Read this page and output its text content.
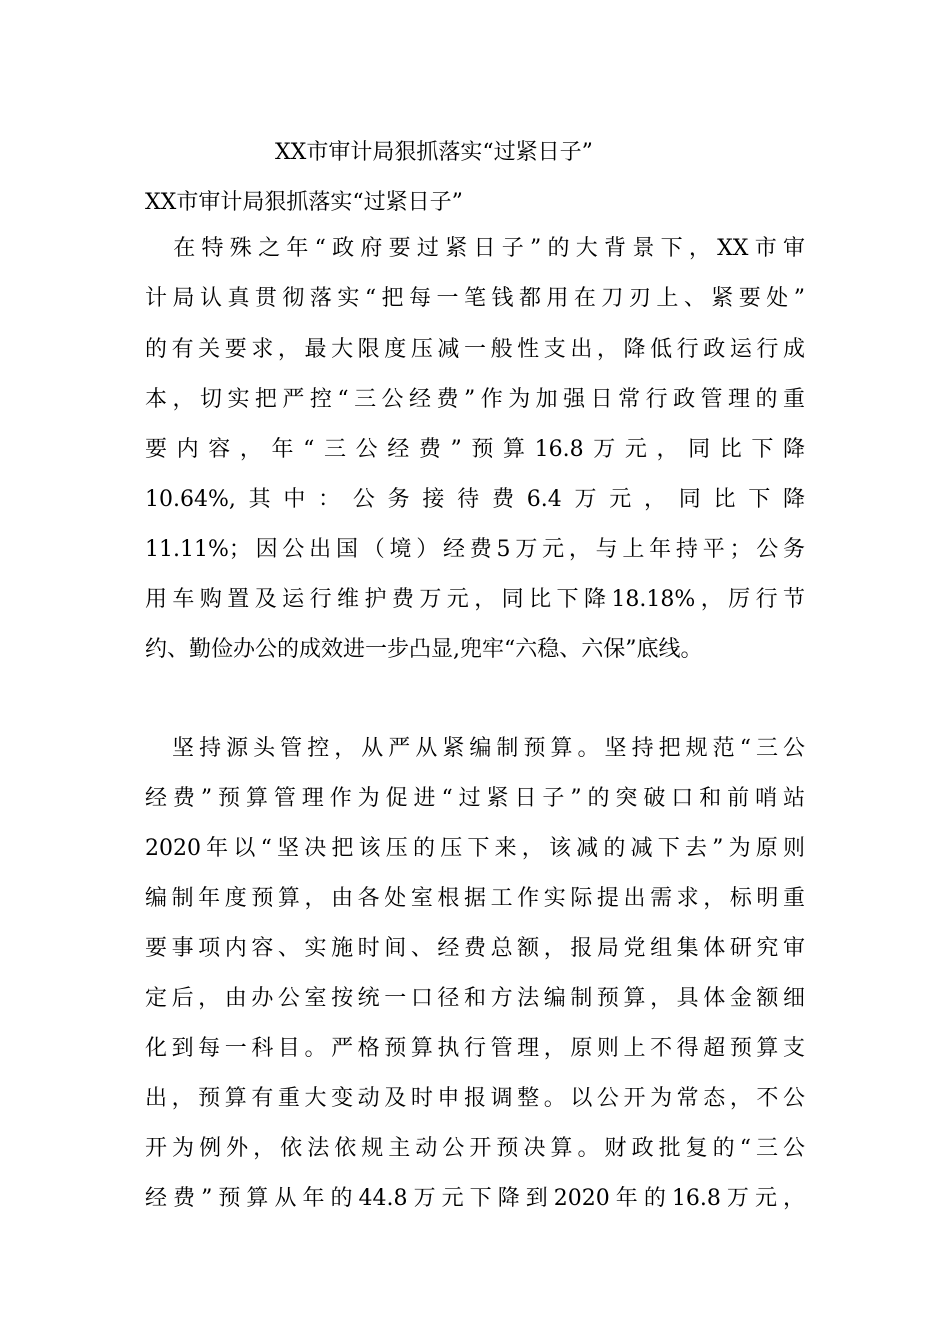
XX市审计局狠抓落实“过紧日子”
XX市审计局狠抓落实“过紧日子”
　在特殊之年“政府要过紧日子”的大背景下，XX市审
计局认真贯彻落实“把每一笔钱都用在刀刃上、紧要处”
的有关要求，最大限度压减一般性支出，降低行政运行成
本，切实把严控“三公经费”作为加强日常行政管理的重
要内容，年“三公经费”预算16.8万元，同比下降
10.64%,其中：公务接待费6.4万元，同比下降
11.11%；因公出国（境）经费5万元，与上年持平；公务
用车购置及运行维护费万元，同比下降18.18%，厉行节
约、勤俭办公的成效进一步凸显,兜牢“六稳、六保”底线。
　坚持源头管控，从严从紧编制预算。坚持把规范“三公
经费”预算管理作为促进“过紧日子”的突破口和前哨站
2020年以“坚决把该压的压下来，该减的减下去”为原则
编制年度预算，由各处室根据工作实际提出需求，标明重
要事项内容、实施时间、经费总额，报局党组集体研究审
定后，由办公室按统一口径和方法编制预算，具体金额细
化到每一科目。严格预算执行管理，原则上不得超预算支
出，预算有重大变动及时申报调整。以公开为常态，不公
开为例外，依法依规主动公开预决算。财政批复的“三公
经费”预算从年的44.8万元下降到2020年的16.8万元，
